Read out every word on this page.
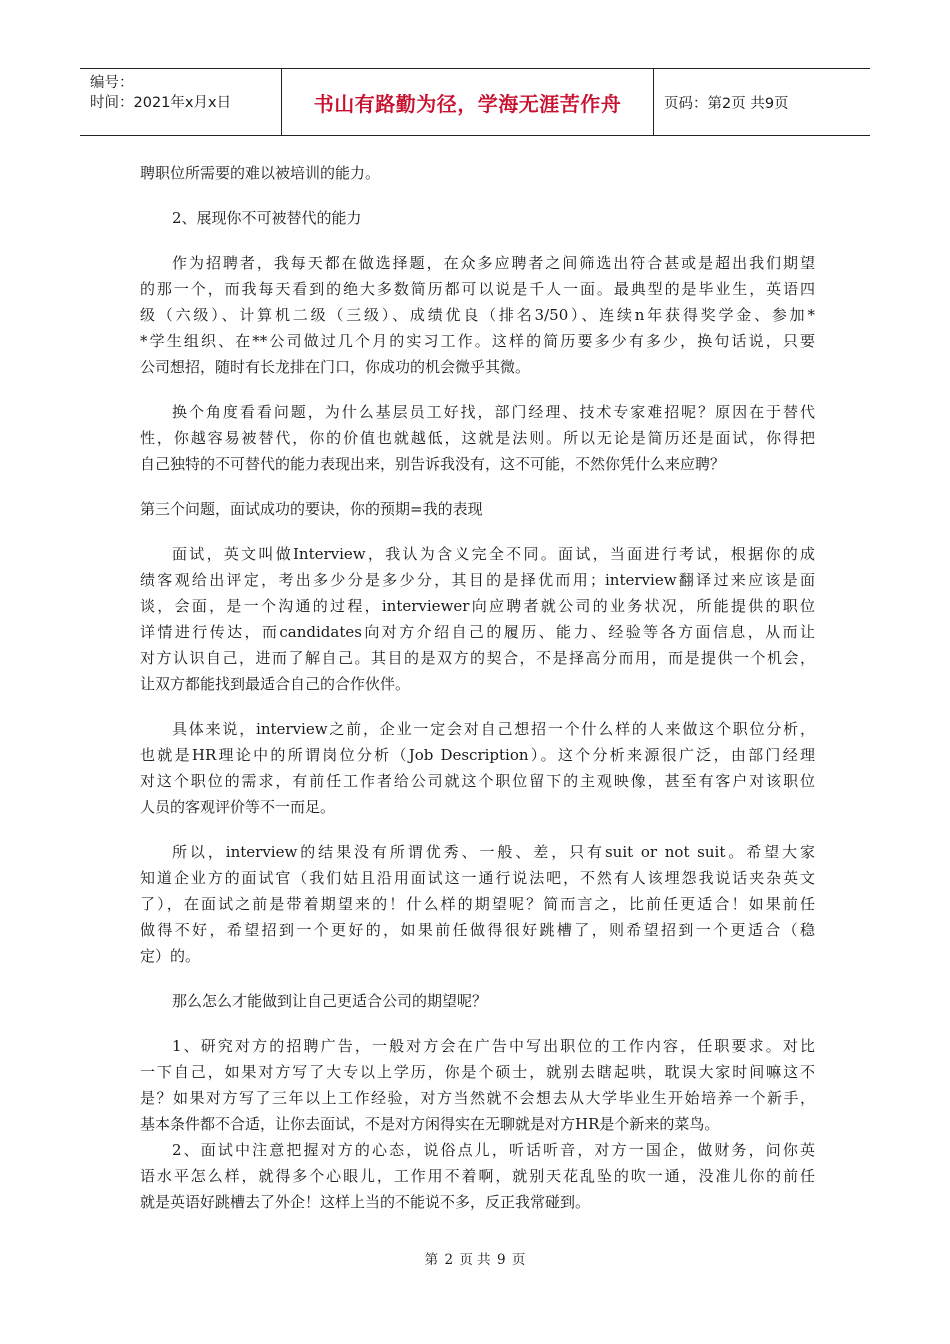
编号：
时间：2021年x月x日	书山有路勤为径，学海无涯苦作舟	页码：第2页 共9页
聘职位所需要的难以被培训的能力。
2、展现你不可被替代的能力
作为招聘者，我每天都在做选择题，在众多应聘者之间筛选出符合甚或是超出我们期望
的那一个，而我每天看到的绝大多数简历都可以说是千人一面。最典型的是毕业生，英语四
级（六级）、计算机二级（三级）、成绩优良（排名3/50）、连续n年获得奖学金、参加*
*学生组织、在**公司做过几个月的实习工作。这样的简历要多少有多少，换句话说，只要
公司想招，随时有长龙排在门口，你成功的机会微乎其微。
换个角度看看问题，为什么基层员工好找，部门经理、技术专家难招呢？原因在于替代
性，你越容易被替代，你的价值也就越低，这就是法则。所以无论是简历还是面试，你得把
自己独特的不可替代的能力表现出来，别告诉我没有，这不可能，不然你凭什么来应聘？
第三个问题，面试成功的要诀，你的预期=我的表现
面试，英文叫做Interview，我认为含义完全不同。面试，当面进行考试，根据你的成
绩客观给出评定，考出多少分是多少分，其目的是择优而用；interview翻译过来应该是面
谈，会面，是一个沟通的过程，interviewer向应聘者就公司的业务状况，所能提供的职位
详情进行传达，而candidates向对方介绍自己的履历、能力、经验等各方面信息，从而让
对方认识自己，进而了解自己。其目的是双方的契合，不是择高分而用，而是提供一个机会，
让双方都能找到最适合自己的合作伙伴。
具体来说，interview之前，企业一定会对自己想招一个什么样的人来做这个职位分析，
也就是HR理论中的所谓岗位分析（Job Description）。这个分析来源很广泛，由部门经理
对这个职位的需求，有前任工作者给公司就这个职位留下的主观映像，甚至有客户对该职位
人员的客观评价等不一而足。
所以，interview的结果没有所谓优秀、一般、差，只有suit or not suit。希望大家
知道企业方的面试官（我们姑且沿用面试这一通行说法吧，不然有人该埋怨我说话夹杂英文
了），在面试之前是带着期望来的！什么样的期望呢？简而言之，比前任更适合！如果前任
做得不好，希望招到一个更好的，如果前任做得很好跳槽了，则希望招到一个更适合（稳
定）的。
那么怎么才能做到让自己更适合公司的期望呢？
1、研究对方的招聘广告，一般对方会在广告中写出职位的工作内容，任职要求。对比
一下自己，如果对方写了大专以上学历，你是个硕士，就别去瞎起哄，耽误大家时间嘛这不
是？如果对方写了三年以上工作经验，对方当然就不会想去从大学毕业生开始培养一个新手，
基本条件都不合适，让你去面试，不是对方闲得实在无聊就是对方HR是个新来的菜鸟。
2、面试中注意把握对方的心态，说俗点儿，听话听音，对方一国企，做财务，问你英
语水平怎么样，就得多个心眼儿，工作用不着啊，就别天花乱坠的吹一通，没准儿你的前任
就是英语好跳槽去了外企！这样上当的不能说不多，反正我常碰到。
第 2 页 共 9 页
